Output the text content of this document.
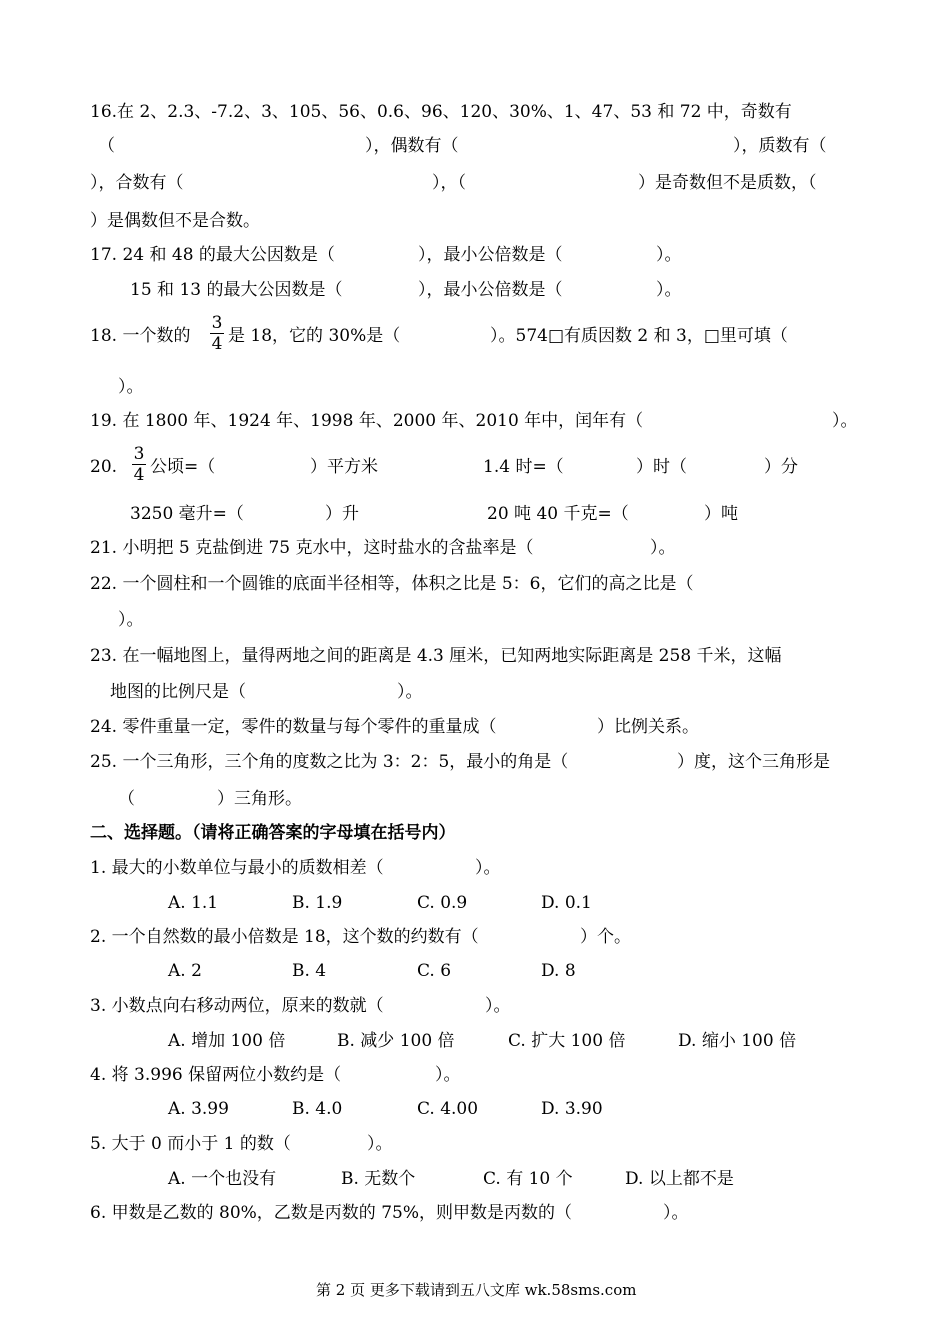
16.在 2、2.3、-7.2、3、105、56、0.6、96、120、30%、1、47、53 和 72 中，奇数有
（	），偶数有（	），质数有（
），合数有（	），（	）是奇数但不是质数，（
）是偶数但不是合数。
17. 24 和 48 的最大公因数是（	），最小公倍数是（	）。
15 和 13 的最大公因数是（	），最小公倍数是（	）。
18. 一个数的
3
4 是 18，它的 30%是（	）。574□有质因数 2 和 3，□里可填（
）。
19. 在 1800 年、1924 年、1998 年、2000 年、2010 年中，闰年有（	）。
20.
3
4 公顷=（	）平方米	1.4 时=（	）时（	）分
3250 毫升=（	）升	20 吨 40 千克=（	）吨
21. 小明把 5 克盐倒进 75 克水中，这时盐水的含盐率是（	）。
22. 一个圆柱和一个圆锥的底面半径相等，体积之比是 5：6，它们的高之比是（
）。
23. 在一幅地图上，量得两地之间的距离是 4.3 厘米，已知两地实际距离是 258 千米，这幅
地图的比例尺是（	）。
24. 零件重量一定，零件的数量与每个零件的重量成（	）比例关系。
25. 一个三角形，三个角的度数之比为 3：2：5，最小的角是（	）度，这个三角形是
（	）三角形。
二、选择题。（请将正确答案的字母填在括号内）
1. 最大的小数单位与最小的质数相差（	）。
A. 1.1	B. 1.9	C. 0.9	D. 0.1
2. 一个自然数的最小倍数是 18，这个数的约数有（	）个。
A. 2	B. 4	C. 6	D. 8
3. 小数点向右移动两位，原来的数就（	）。
A. 增加 100 倍	B. 减少 100 倍	C. 扩大 100 倍	D. 缩小 100 倍
4. 将 3.996 保留两位小数约是（	）。
A. 3.99	B. 4.0	C. 4.00	D. 3.90
5. 大于 0 而小于 1 的数（	）。
A. 一个也没有	B. 无数个	C. 有 10 个	D. 以上都不是
6. 甲数是乙数的 80%，乙数是丙数的 75%，则甲数是丙数的（	）。
第 2 页 更多下载请到五八文库 wk.58sms.com
